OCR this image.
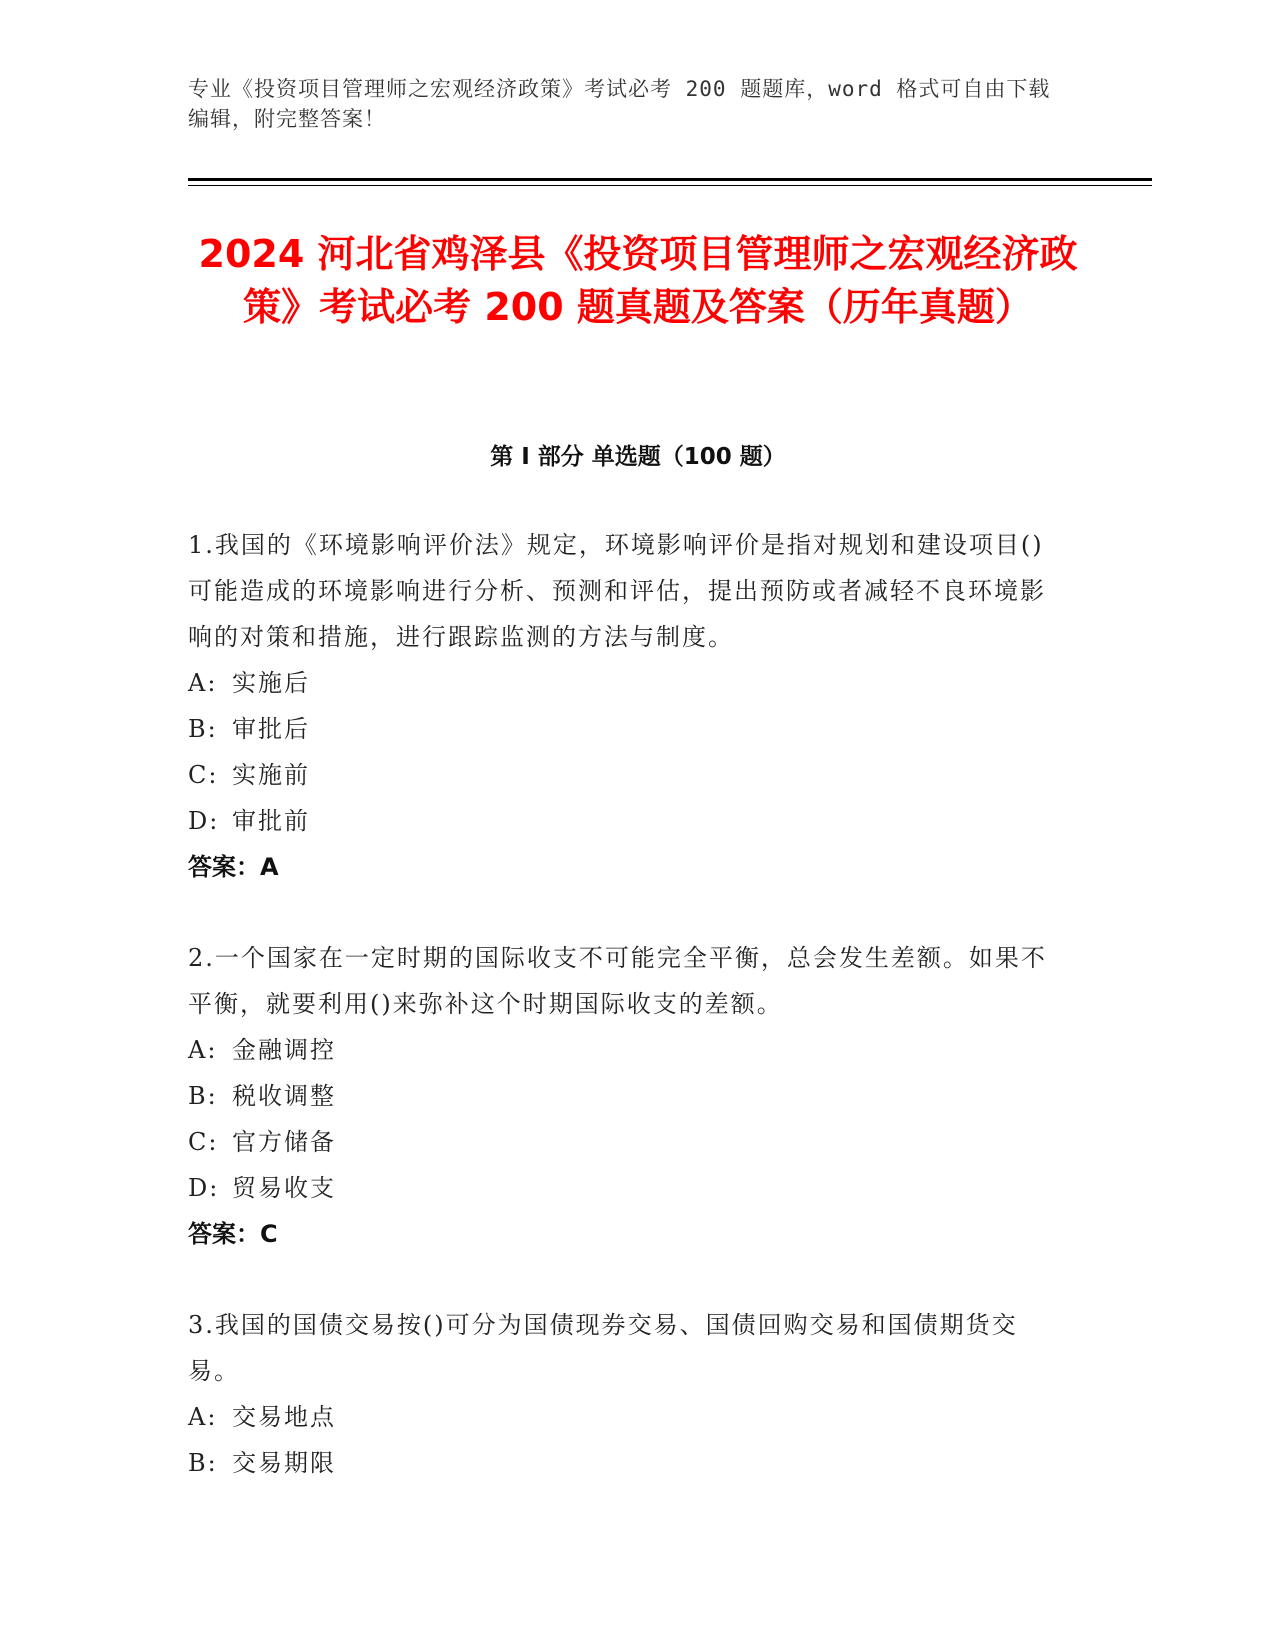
专业《投资项目管理师之宏观经济政策》考试必考 200 题题库，word 格式可自由下载编辑，附完整答案！
2024 河北省鸡泽县《投资项目管理师之宏观经济政策》考试必考 200 题真题及答案（历年真题）
第 I 部分 单选题（100 题）
1.我国的《环境影响评价法》规定，环境影响评价是指对规划和建设项目()可能造成的环境影响进行分析、预测和评估，提出预防或者减轻不良环境影响的对策和措施，进行跟踪监测的方法与制度。
A: 实施后
B: 审批后
C: 实施前
D: 审批前
答案：A
2.一个国家在一定时期的国际收支不可能完全平衡，总会发生差额。如果不平衡，就要利用()来弥补这个时期国际收支的差额。
A: 金融调控
B: 税收调整
C: 官方储备
D: 贸易收支
答案：C
3.我国的国债交易按()可分为国债现券交易、国债回购交易和国债期货交易。
A: 交易地点
B: 交易期限
